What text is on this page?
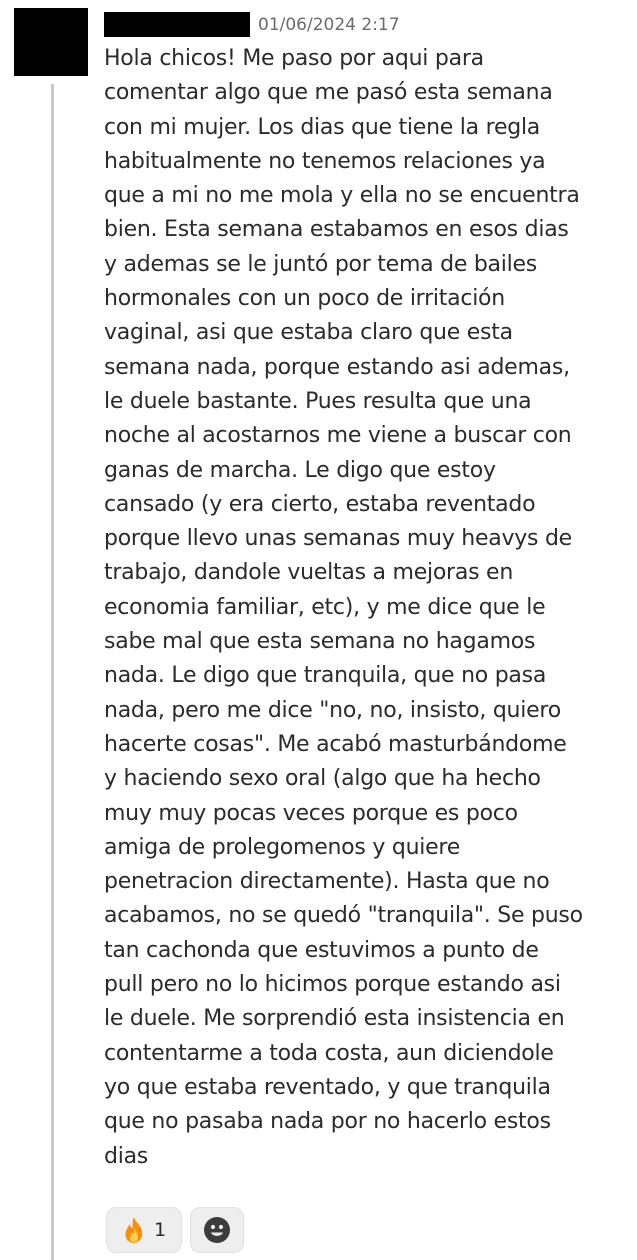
01/06/2024 2:17
Hola chicos! Me paso por aqui para
comentar algo que me pasó esta semana
con mi mujer. Los dias que tiene la regla
habitualmente no tenemos relaciones ya
que a mi no me mola y ella no se encuentra
bien. Esta semana estabamos en esos dias
y ademas se le juntó por tema de bailes
hormonales con un poco de irritación
vaginal, asi que estaba claro que esta
semana nada, porque estando asi ademas,
le duele bastante. Pues resulta que una
noche al acostarnos me viene a buscar con
ganas de marcha. Le digo que estoy
cansado (y era cierto, estaba reventado
porque llevo unas semanas muy heavys de
trabajo, dandole vueltas a mejoras en
economia familiar, etc), y me dice que le
sabe mal que esta semana no hagamos
nada. Le digo que tranquila, que no pasa
nada, pero me dice "no, no, insisto, quiero
hacerte cosas". Me acabó masturbándome
y haciendo sexo oral (algo que ha hecho
muy muy pocas veces porque es poco
amiga de prolegomenos y quiere
penetracion directamente). Hasta que no
acabamos, no se quedó "tranquila". Se puso
tan cachonda que estuvimos a punto de
pull pero no lo hicimos porque estando asi
le duele. Me sorprendió esta insistencia en
contentarme a toda costa, aun diciendole
yo que estaba reventado, y que tranquila
que no pasaba nada por no hacerlo estos
dias
1
